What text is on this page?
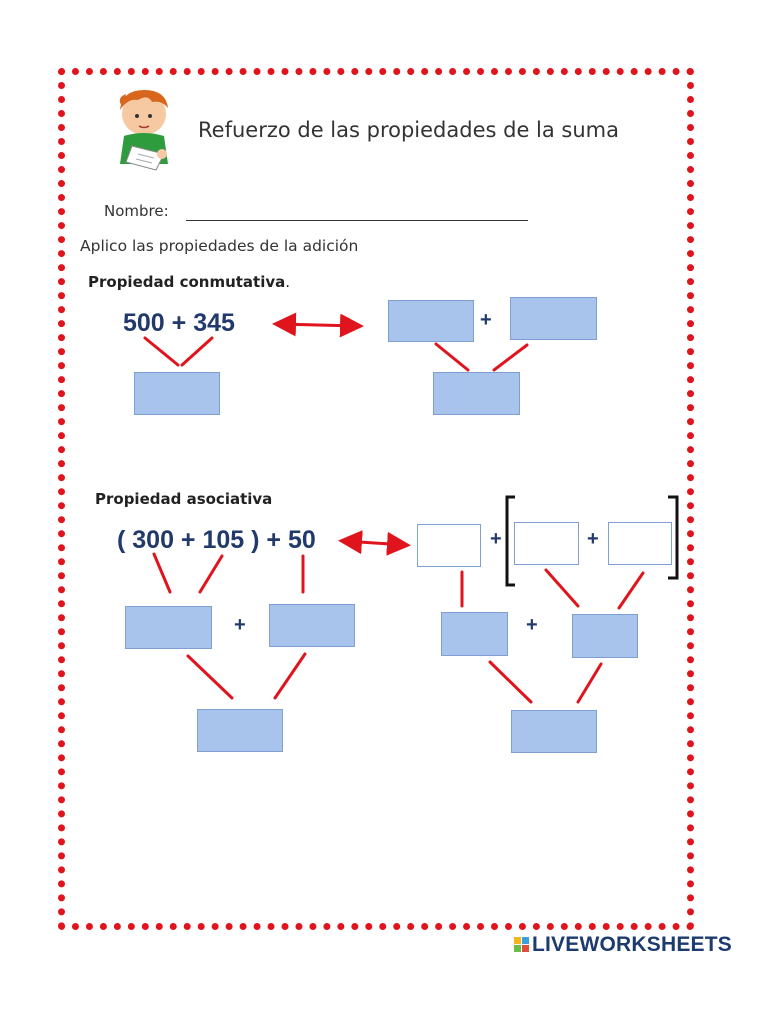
Refuerzo de las propiedades de la suma
Nombre:
Aplico las propiedades de la adición
Propiedad conmutativa.
500 + 345	+
Propiedad asociativa
( 300 + 105 ) + 50	+	+
+	+
LIVEWORKSHEETS
